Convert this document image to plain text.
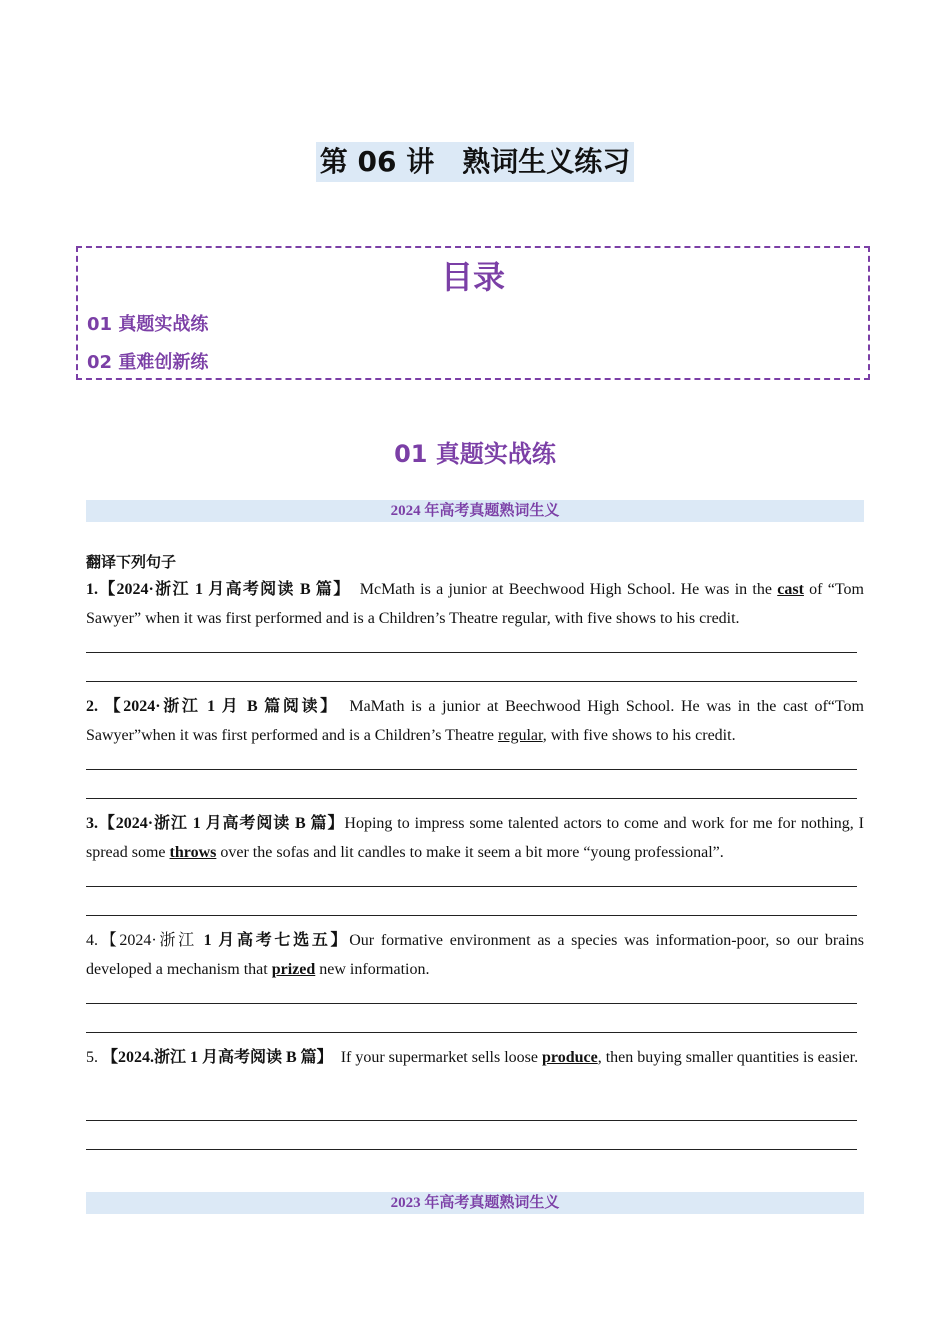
第 06 讲　熟词生义练习
目录
01 真题实战练
02 重难创新练
01 真题实战练
2024 年高考真题熟词生义
翻译下列句子
1.【2024·浙江 1 月高考阅读 B 篇】　McMath is a junior at Beechwood High School. He was in the cast of “Tom Sawyer” when it was first performed and is a Children’s Theatre regular, with five shows to his credit.
2. 【2024·浙江 1 月 B 篇阅读】　MaMath is a junior at Beechwood High School. He was in the cast of“Tom Sawyer”when it was first performed and is a Children’s Theatre regular, with five shows to his credit.
3.【2024·浙江 1 月高考阅读 B 篇】Hoping to impress some talented actors to come and work for me for nothing, I spread some throws over the sofas and lit candles to make it seem a bit more “young professional”.
4.【2024·浙江 1 月高考七选五】Our formative environment as a species was information-poor, so our brains developed a mechanism that prized new information.
5. 【2024.浙江 1 月高考阅读 B 篇】　If your supermarket sells loose produce, then buying smaller quantities is easier.
2023 年高考真题熟词生义
